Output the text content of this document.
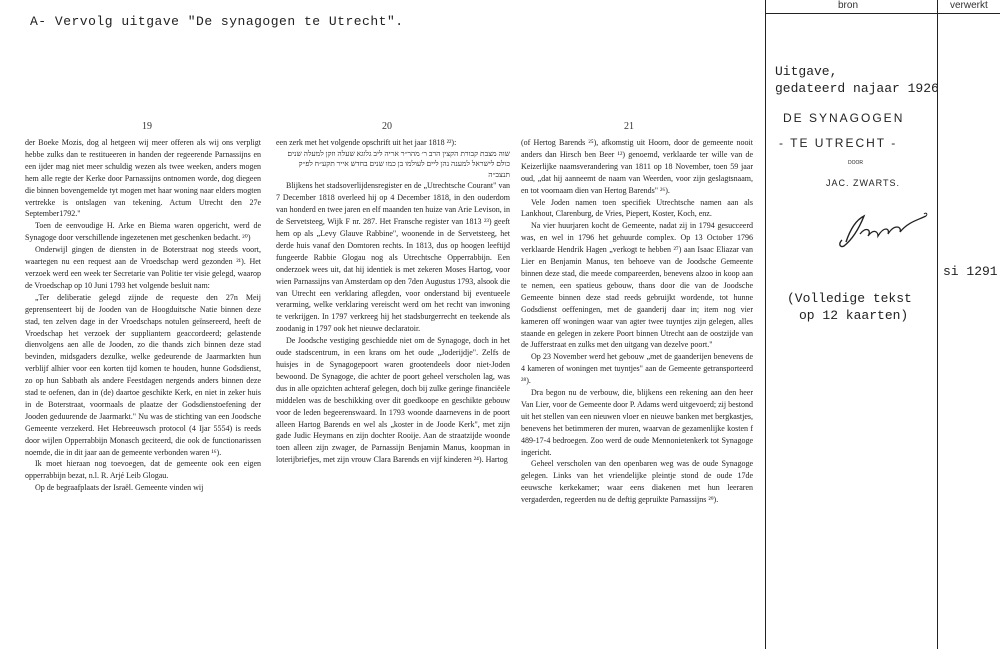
A- Vervolg uitgave "De synagogen te Utrecht".
19

der Boeke Mozis, dog al hetgeen wij meer offeren als wij ons verpligt hebbe zulks dan te restitueeren in handen der regeerende Parnassijns en een ijder mag niet meer schuldig wezen als twee weeken, anders mogen hem alle regte der Kerke door Parnassijns ontnomen worde, dog diegeen die binnen bovengemelde tyt mogen met haar woning naar elders mogten vertrekke is ontslagen van tekening. Actum Utrecht den 27e September1792."

Toen de eenvoudige H. Arke en Biema waren opgericht, werd de Synagoge door verschillende ingezetenen met geschenken bedacht. ²⁰)

Onderwijl gingen de diensten in de Boterstraat nog steeds voort, waartegen nu een request aan de Vroedschap werd gezonden ²¹). Het verzoek werd een week ter Secretarie van Politie ter visie gelegd, waarop de Vroedschap op 10 Juni 1793 het volgende besluit nam:

„Ter deliberatie gelegd zijnde de requeste den 27n Meij geprensenteert bij de Jooden van de Hoogduitsche Natie binnen deze stad, ten zelven dage in der Vroedschaps notulen geïnsereerd, heeft de Vroedschap het verzoek der suppliantern geaccordeerd; gelastende dienvolgens aen alle de Jooden, zo die thands zich binnen deze stad bevinden, midsgaders dezulke, welke gedeurende de Jaarmarkten hun verblijf alhier voor een korten tijd komen te houden, hunne Godsdienst, zo op hun Sabbath als andere Feestdagen nergends anders binnen deze stad te oefenen, dan in (de) daartoe geschikte Kerk, en niet in zeker huis in de Boterstraat, voormaals de plaatze der Godsdienstoefening der Jooden geduurende de Jaarmarkt." Nu was de stichting van een Joodsche Gemeente verzekerd. Het Hebreeuwsch protocol (4 Ijar 5554) is reeds door wijlen Opperrabbijn Monasch geciteerd, die ook de functionarissen noemde, die in dit jaar aan de gemeente verbonden waren ¹⁶).

Ik moet hieraan nog toevoegen, dat de gemeente ook een eigen opperrabbijn bezat, n.l. R. Arjé Leib Glogau.

Op de begraafplaats der Israël. Gemeente vinden wij

20

een zerk met het volgende opschrift uit het jaar 1818 ²²):

שוה מצבת קבורת הקצין הרב ר׳ מהר״ר אריה ליב גלוגא שעלה וזקן למעלה שנים כולם לישראל למענה נהן ליים לעולמו בן כמו שנים בחדש אייר תקע״ח לפ״ק תנצב״ה

Blijkens het stadsoverlijdensregister en de „Utrechtsche Courant" van 7 December 1818 overleed hij op 4 December 1818, in den ouderdom van honderd en twee jaren en elf maanden ten huize van Arie Levison, in de Servetsteeg, Wijk F nr. 287. Het Fransche register van 1813 ²³) geeft hem op als „Levy Glauve Rabbine", woonende in de Servetsteeg, het derde huis vanaf den Domtoren rechts. In 1813, dus op hoogen leeftijd fungeerde Rabbie Glogau nog als Utrechtsche Opperrabbijn. Een onderzoek wees uit, dat hij identiek is met zekeren Moses Hartog, voor wien Parnassijns van Amsterdam op den 7den Augustus 1793, alsook die van Utrecht een verklaring aflegden, voor onderstand bij eventueele verarming, welke verklaring vereischt werd om het recht van inwoning te verkrijgen. In 1797 verkreeg hij het stadsburgerrecht en teekende als zoodanig in 1797 ook het nieuwe declaratoir.

De Joodsche vestiging geschiedde niet om de Synagoge, doch in het oude stadscentrum, in een krans om het oude „Joderijdje". Zelfs de huisjes in de Synagogepoort waren grootendeels door niet-Joden bewoond. De Synagoge, die achter de poort geheel verscholen lag, was dus in alle opzichten achteraf gelegen, doch bij zulke geringe financiëele middelen was de beschikking over dit goedkoope en geschikte gebouw voor de leden begeerenswaard. In 1793 woonde daarnevens in de poort alleen Hartog Barends en wel als „koster in de Joode Kerk", met zijn gade Judic Heymans en zijn dochter Rooije. Aan de straatzijde woonde toen alleen zijn zwager, de Parnassijn Benjamin Manus, koopman in loterijbriefjes, met zijn vrouw Clara Barends en vijf kinderen ²⁴). Hartog

21

(of Hertog Barends ²⁵), afkomstig uit Hoorn, door de gemeente nooit anders dan Hirsch ben Beer ¹²) genoemd, verklaarde ter wille van de Keizerlijke naamsverandering van 1811 op 18 November, toen 59 jaar oud, „dat hij aanneemt de naam van Weerden, voor zijn geslagtsnaam, en tot voornaam dien van Hertog Barends" ²⁶).

Vele Joden namen toen specifiek Utrechtsche namen aan als Lankhout, Clarenburg, de Vries, Piepert, Koster, Koch, enz.

Na vier huurjaren kocht de Gemeente, nadat zij in 1794 gesucceerd was, en wel in 1796 het gehuurde complex. Op 13 October 1796 verklaarde Hendrik Hagen „verkogt te hebben ²⁷) aan Isaac Eliazar van Lier en Benjamin Manus, ten behoeve van de Joodsche Gemeente binnen deze stad, die meede compareerden, benevens alzoo in koop aan te nemen, een spatieus gebouw, thans door die van de Joodsche Gemeente binnen deze stad reeds gebruijkt wordende, tot hunne Godsdienst oeffeningen, met de gaanderij daar in; item nog vier kameren off woningen waar van agter twee tuyntjes zijn gelegen, alles staande en gelegen in zekere Poort binnen Utrecht aan de oostzijde van de Jufferstraat en zulks met den uitgang van dezelve poort."

Op 23 November werd het gebouw „met de gaanderijen benevens de 4 kameren of woningen met tuyntjes" aan de Gemeente getransporteerd ²⁸).

Dra begon nu de verbouw, die, blijkens een rekening aan den heer Van Lier, voor de Gemeente door P. Adams werd uitgevoerd; zij bestond uit het stellen van een nieuwen vloer en nieuwe banken met bergkastjes, benevens het betimmeren der muren, waarvan de gezamenlijke kosten f 489-17-4 bedroegen. Zoo werd de oude Mennonietenkerk tot Synagoge ingericht.

Geheel verscholen van den openbaren weg was de oude Synagoge gelegen. Links van het vriendelijke pleintje stond de oude 17de eeuwsche kerkekamer; waar eens diakenen met hun leeraren vergaderden, regeerden nu de deftig gepruikte Parnassijns ²⁹).

bron	verwerkt
Uitgave,
gedateerd najaar 1926
DE SYNAGOGEN
- TE UTRECHT -
DOOR
JAC. ZWARTS.
si 1291
(Volledige tekst
op 12 kaarten)
